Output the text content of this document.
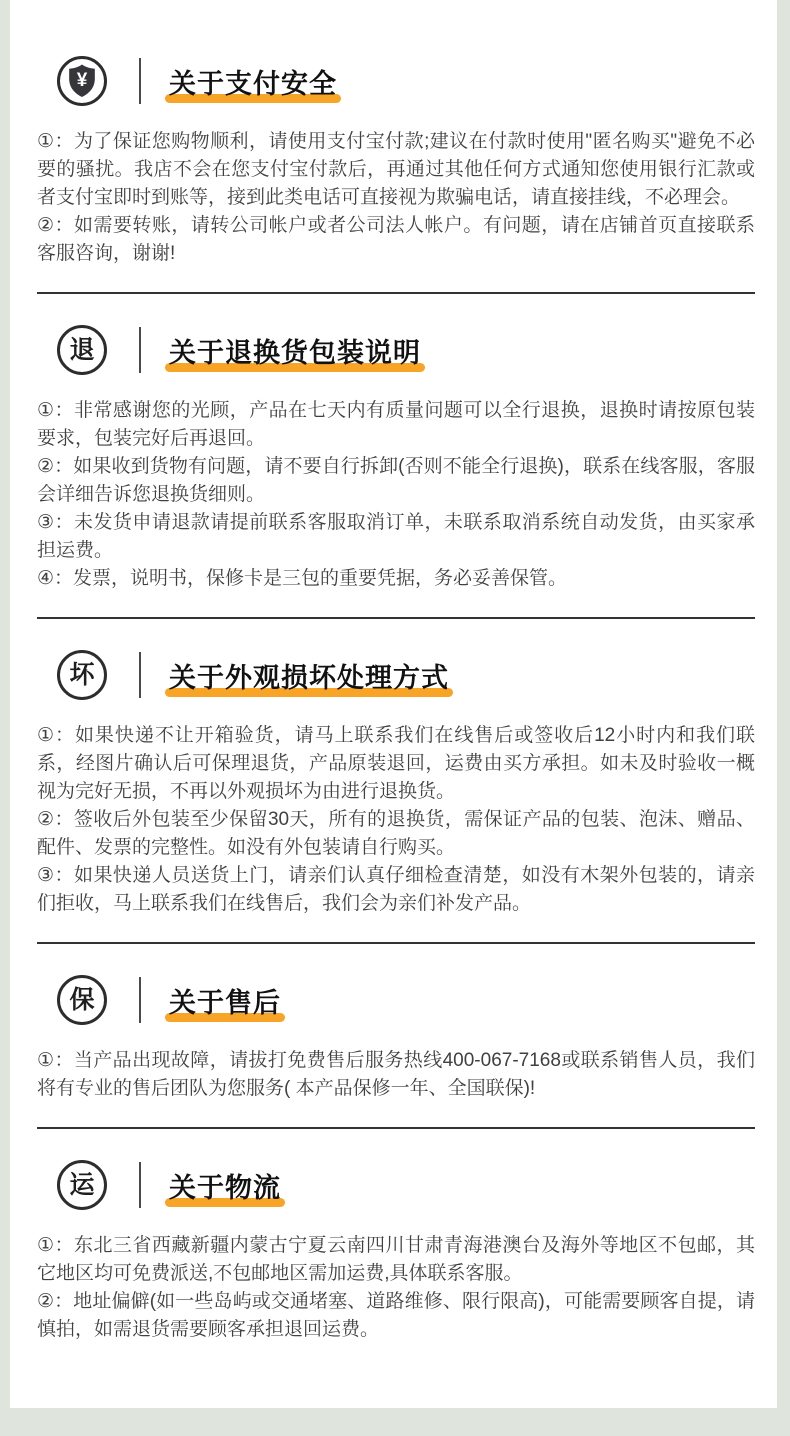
¥	关于支付安全

①：为了保证您购物顺利，请使用支付宝付款;建议在付款时使用"匿名购买"避免不必要的骚扰。我店不会在您支付宝付款后，再通过其他任何方式通知您使用银行汇款或者支付宝即时到账等，接到此类电话可直接视为欺骗电话，请直接挂线，不必理会。

②：如需要转账，请转公司帐户或者公司法人帐户。有问题，请在店铺首页直接联系客服咨询，谢谢!

退	关于退换货包装说明

①：非常感谢您的光顾，产品在七天内有质量问题可以全行退换，退换时请按原包装要求，包装完好后再退回。

②：如果收到货物有问题，请不要自行拆卸(否则不能全行退换)，联系在线客服，客服会详细告诉您退换货细则。

③：未发货申请退款请提前联系客服取消订单，未联系取消系统自动发货，由买家承担运费。

④：发票，说明书，保修卡是三包的重要凭据，务必妥善保管。

坏	关于外观损坏处理方式

①：如果快递不让开箱验货，请马上联系我们在线售后或签收后12小时内和我们联系，经图片确认后可保理退货，产品原装退回，运费由买方承担。如未及时验收一概视为完好无损，不再以外观损坏为由进行退换货。

②：签收后外包装至少保留30天，所有的退换货，需保证产品的包装、泡沫、赠品、配件、发票的完整性。如没有外包装请自行购买。

③：如果快递人员送货上门，请亲们认真仔细检查清楚，如没有木架外包装的，请亲们拒收，马上联系我们在线售后，我们会为亲们补发产品。

保	关于售后

①：当产品出现故障，请拔打免费售后服务热线400-067-7168或联系销售人员，我们将有专业的售后团队为您服务( 本产品保修一年、全国联保)!

运	关于物流

①：东北三省西藏新疆内蒙古宁夏云南四川甘肃青海港澳台及海外等地区不包邮，其它地区均可免费派送,不包邮地区需加运费,具体联系客服。

②：地址偏僻(如一些岛屿或交通堵塞、道路维修、限行限高)，可能需要顾客自提，请慎拍，如需退货需要顾客承担退回运费。
